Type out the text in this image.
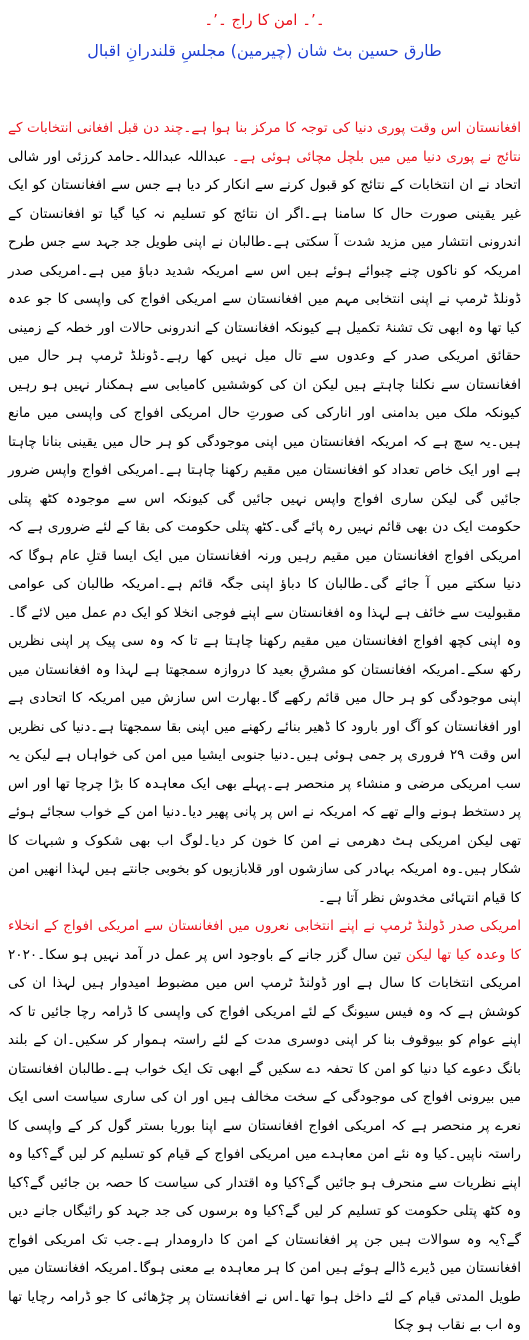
۔٬۔ امن کا راج ۔٬۔
طارق حسین بٹ شان (چیرمین) مجلسِ قلندرانِ اقبال

افغانستان اس وقت پوری دنیا کی توجہ کا مرکز بنا ہوا ہے۔چند دن قبل افغانی انتخابات کے نتائج نے پوری دنیا میں میں بلچل مچائی ہوئی ہے۔ عبداللہ عبداللہ۔حامد کرزئی اور شالی اتحاد نے ان انتخابات کے نتائج کو قبول کرنے سے انکار کر دیا ہے جس سے افغانستان کو ایک غیر یقینی صورت حال کا سامنا ہے۔اگر ان نتائج کو تسلیم نہ کیا گیا تو افغانستان کے اندرونی انتشار میں مزید شدت آ سکتی ہے۔طالبان نے اپنی طویل جد جہد سے جس طرح امریکہ کو ناکوں چنے چبوائے ہوئے ہیں اس سے امریکہ شدید دباؤ میں ہے۔امریکی صدر ڈونلڈ ٹرمپ نے اپنی انتخابی مہم میں افغانستان سے امریکی افواج کی واپسی کا جو عدہ کیا تھا وہ ابھی تک تشنۂ تکمیل ہے کیونکہ افغانستان کے اندرونی حالات اور خطہ کے زمینی حقائق امریکی صدر کے وعدوں سے تال میل نہیں کھا رہے۔ڈونلڈ ٹرمپ ہر حال میں افغانستان سے نکلنا چاہتے ہیں لیکن ان کی کوششیں کامیابی سے ہمکنار نہیں ہو رہیں کیونکہ ملک میں بدامنی اور انارکی کی صورتِ حال امریکی افواج کی واپسی میں مانع ہیں۔یہ سچ ہے کہ امریکہ افغانستان میں اپنی موجودگی کو ہر حال میں یقینی بنانا چاہتا ہے اور ایک خاص تعداد کو افغانستان میں مقیم رکھنا چاہتا ہے۔امریکی افواج واپس ضرور جائیں گی لیکن ساری افواج واپس نہیں جائیں گی کیونکہ اس سے موجودہ کٹھ پتلی حکومت ایک دن بھی قائم نہیں رہ پائے گی۔کٹھ پتلی حکومت کی بقا کے لئے ضروری ہے کہ امریکی افواج افغانستان میں مقیم رہیں ورنہ افغانستان میں ایک ایسا قتلِ عام ہوگا کہ دنیا سکتے میں آ جائے گی۔طالبان کا دباؤ اپنی جگہ قائم ہے۔امریکہ طالبان کی عوامی مقبولیت سے خائف ہے لہذا وہ افغانستان سے اپنے فوجی انخلا کو ایک دم عمل میں لائے گا۔وہ اپنی کچھ افواج افغانستان میں مقیم رکھنا چاہتا ہے تا کہ وہ سی پیک پر اپنی نظریں رکھ سکے۔امریکہ افغانستان کو مشرقِ بعید کا دروازہ سمجھتا ہے لہذا وہ افغانستان میں اپنی موجودگی کو ہر حال میں قائم رکھے گا۔بھارت اس سازش میں امریکہ کا اتحادی ہے اور افغانستان کو آگ اور بارود کا ڈھیر بنائے رکھنے میں اپنی بقا سمجھتا ہے۔دنیا کی نظریں اس وقت ۲۹ فروری پر جمی ہوئی ہیں۔دنیا جنوبی ایشیا میں امن کی خواہاں ہے لیکن یہ سب امریکی مرضی و منشاء پر منحصر ہے۔پہلے بھی ایک معاہدہ کا بڑا چرچا تھا اور اس پر دستخط ہونے والے تھے کہ امریکہ نے اس پر پانی پھیر دیا۔دنیا امن کے خواب سجائے ہوئے تھی لیکن امریکی ہٹ دھرمی نے امن کا خون کر دیا۔لوگ اب بھی شکوک و شبہات کا شکار ہیں۔وہ امریکہ بہادر کی سازشوں اور قلابازیوں کو بخوبی جانتے ہیں لہذا انھیں امن کا قیام انتہائی مخدوش نظر آتا ہے۔

امریکی صدر ڈولنڈ ٹرمپ نے اپنے انتخابی نعروں میں افغانستان سے امریکی افواج کے انخلاء کا وعدہ کیا تھا لیکن تین سال گزر جانے کے باوجود اس پر عمل در آمد نہیں ہو سکا۔۲۰۲۰ امریکی انتخابات کا سال ہے اور ڈولنڈ ٹرمپ اس میں مضبوط امیدوار ہیں لہذا ان کی کوشش ہے کہ وہ فیس سیونگ کے لئے امریکی افواج کی واپسی کا ڈرامہ رچا جائیں تا کہ اپنے عوام کو بیوقوف بنا کر اپنی دوسری مدت کے لئے راستہ ہموار کر سکیں۔ان کے بلند بانگ دعوے کیا دنیا کو امن کا تحفہ دے سکیں گے ابھی تک ایک خواب ہے۔طالبان افغانستان میں بیرونی افواج کی موجودگی کے سخت مخالف ہیں اور ان کی ساری سیاست اسی ایک نعرے پر منحصر ہے کہ امریکی افواج افغانستان سے اپنا بوریا بستر گول کر کے واپسی کا راستہ ناپیں۔کیا وہ نئے امن معاہدے میں امریکی افواج کے قیام کو تسلیم کر لیں گے؟کیا وہ اپنے نظریات سے منحرف ہو جائیں گے؟کیا وہ اقتدار کی سیاست کا حصہ بن جائیں گے؟کیا وہ کٹھ پتلی حکومت کو تسلیم کر لیں گے؟کیا وہ برسوں کی جد جہد کو رائیگاں جانے دیں گے؟یہ وہ سوالات ہیں جن پر افغانستان کے امن کا دارومدار ہے۔جب تک امریکی افواج افغانستان میں ڈیرے ڈالے ہوئے ہیں امن کا ہر معاہدہ بے معنی ہوگا۔امریکہ افغانستان میں طویل المدتی قیام کے لئے داخل ہوا تھا۔اس نے افغانستان پر چڑھائی کا جو ڈرامہ رچایا تھا وہ اب بے نقاب ہو چکا
